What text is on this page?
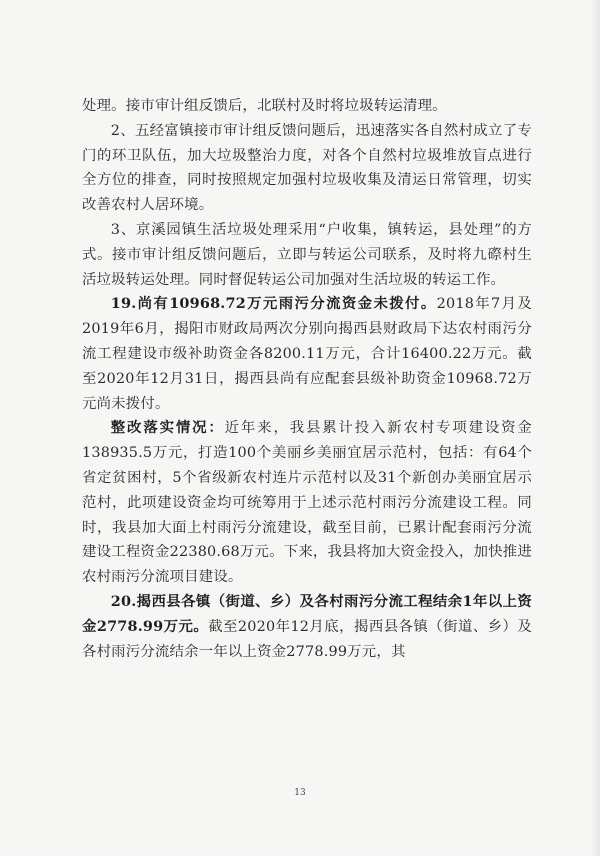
处理。接市审计组反馈后，北联村及时将垃圾转运清理。

2、五经富镇接市审计组反馈问题后，迅速落实各自然村成立了专门的环卫队伍，加大垃圾整治力度，对各个自然村垃圾堆放盲点进行全方位的排查，同时按照规定加强村垃圾收集及清运日常管理，切实改善农村人居环境。

3、京溪园镇生活垃圾处理采用“户收集，镇转运，县处理”的方式。接市审计组反馈问题后，立即与转运公司联系，及时将九磜村生活垃圾转运处理。同时督促转运公司加强对生活垃圾的转运工作。

19.尚有10968.72万元雨污分流资金未拨付。2018年7月及2019年6月，揭阳市财政局两次分别向揭西县财政局下达农村雨污分流工程建设市级补助资金各8200.11万元，合计16400.22万元。截至2020年12月31日，揭西县尚有应配套县级补助资金10968.72万元尚未拨付。

整改落实情况：近年来，我县累计投入新农村专项建设资金138935.5万元，打造100个美丽乡美丽宜居示范村，包括：有64个省定贫困村，5个省级新农村连片示范村以及31个新创办美丽宜居示范村，此项建设资金均可统筹用于上述示范村雨污分流建设工程。同时，我县加大面上村雨污分流建设，截至目前，已累计配套雨污分流建设工程资金22380.68万元。下来，我县将加大资金投入，加快推进农村雨污分流项目建设。

20.揭西县各镇（街道、乡）及各村雨污分流工程结余1年以上资金2778.99万元。截至2020年12月底，揭西县各镇（街道、乡）及各村雨污分流结余一年以上资金2778.99万元，其

13
